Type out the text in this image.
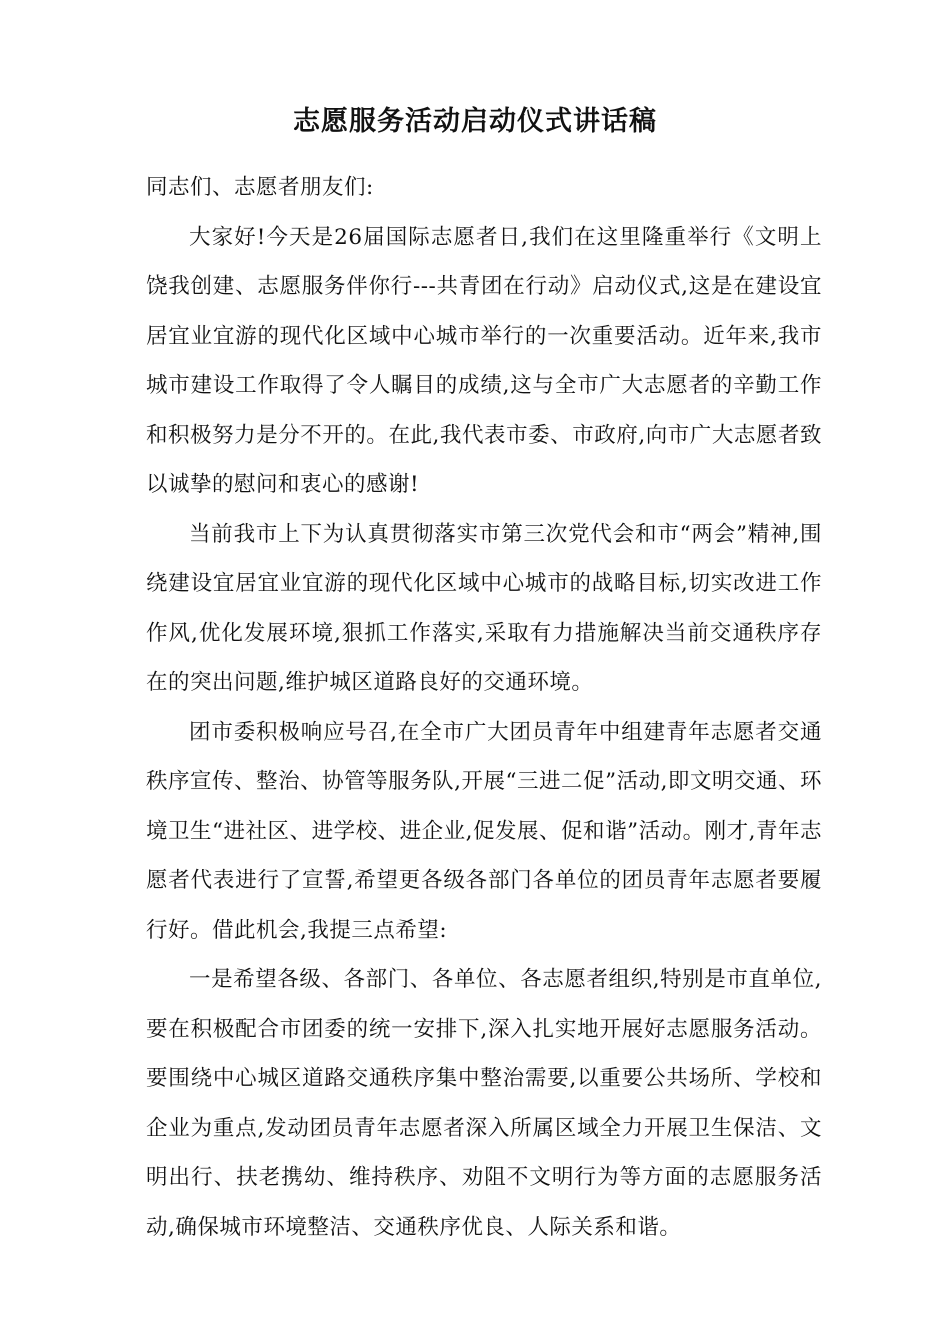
志愿服务活动启动仪式讲话稿

同志们、志愿者朋友们:

大家好!今天是26届国际志愿者日,我们在这里隆重举行《文明上饶我创建、志愿服务伴你行---共青团在行动》启动仪式,这是在建设宜居宜业宜游的现代化区域中心城市举行的一次重要活动。近年来,我市城市建设工作取得了令人瞩目的成绩,这与全市广大志愿者的辛勤工作和积极努力是分不开的。在此,我代表市委、市政府,向市广大志愿者致以诚挚的慰问和衷心的感谢!

当前我市上下为认真贯彻落实市第三次党代会和市“两会”精神,围绕建设宜居宜业宜游的现代化区域中心城市的战略目标,切实改进工作作风,优化发展环境,狠抓工作落实,采取有力措施解决当前交通秩序存在的突出问题,维护城区道路良好的交通环境。

团市委积极响应号召,在全市广大团员青年中组建青年志愿者交通秩序宣传、整治、协管等服务队,开展“三进二促”活动,即文明交通、环境卫生“进社区、进学校、进企业,促发展、促和谐”活动。刚才,青年志愿者代表进行了宣誓,希望更各级各部门各单位的团员青年志愿者要履行好。借此机会,我提三点希望:

一是希望各级、各部门、各单位、各志愿者组织,特别是市直单位,要在积极配合市团委的统一安排下,深入扎实地开展好志愿服务活动。要围绕中心城区道路交通秩序集中整治需要,以重要公共场所、学校和企业为重点,发动团员青年志愿者深入所属区域全力开展卫生保洁、文明出行、扶老携幼、维持秩序、劝阻不文明行为等方面的志愿服务活动,确保城市环境整洁、交通秩序优良、人际关系和谐。
